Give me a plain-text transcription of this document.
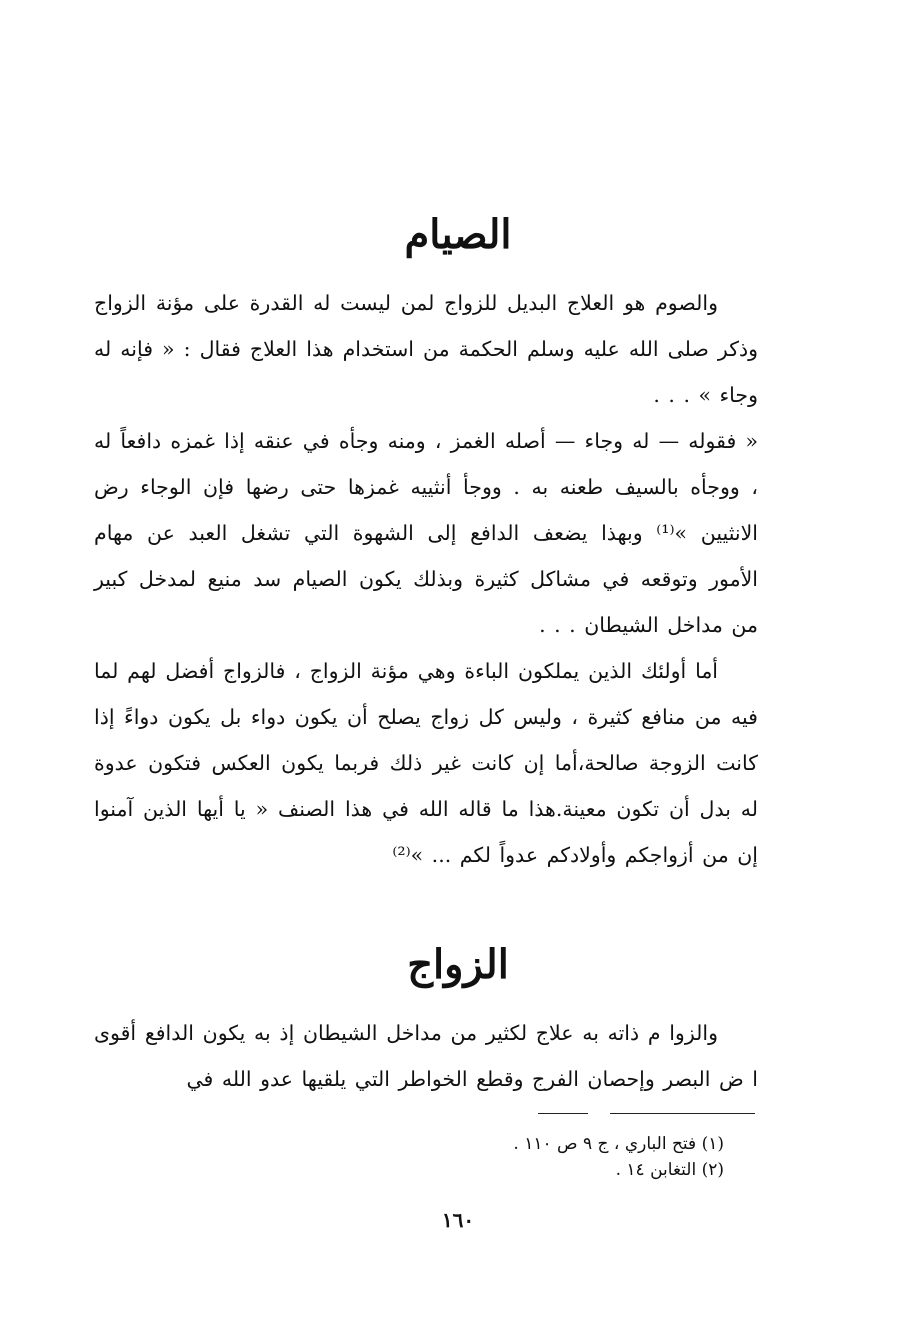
الصيام

والصوم هو العلاج البديل للزواج لمن ليست له القدرة على مؤنة الزواج وذكر صلى الله عليه وسلم الحكمة من استخدام هذا العلاج فقال : « فإنه له وجاء » . . .

« فقوله — له وجاء — أصله الغمز ، ومنه وجأه في عنقه إذا غمزه دافعاً له ، ووجأه بالسيف طعنه به . ووجأ أنثييه غمزها حتى رضها فإن الوجاء رض الانثيين »⁽¹⁾ وبهذا يضعف الدافع إلى الشهوة التي تشغل العبد عن مهام الأمور وتوقعه في مشاكل كثيرة وبذلك يكون الصيام سد منيع لمدخل كبير من مداخل الشيطان . . .

أما أولئك الذين يملكون الباءة وهي مؤنة الزواج ، فالزواج أفضل لهم لما فيه من منافع كثيرة ، وليس كل زواج يصلح أن يكون دواء بل يكون دواءً إذا كانت الزوجة صالحة،أما إن كانت غير ذلك فربما يكون العكس فتكون عدوة له بدل أن تكون معينة.هذا ما قاله الله في هذا الصنف « يا أيها الذين آمنوا إن من أزواجكم وأولادكم عدواً لكم ... »⁽²⁾

الزواج

والزوا م ذاته به علاج لكثير من مداخل الشيطان إذ به يكون الدافع أقوى ا ض البصر وإحصان الفرج وقطع الخواطر التي يلقيها عدو الله في

(١) فتح الباري ، ج ٩ ص ١١٠ .

(٢) التغابن ١٤ .

١٦٠
